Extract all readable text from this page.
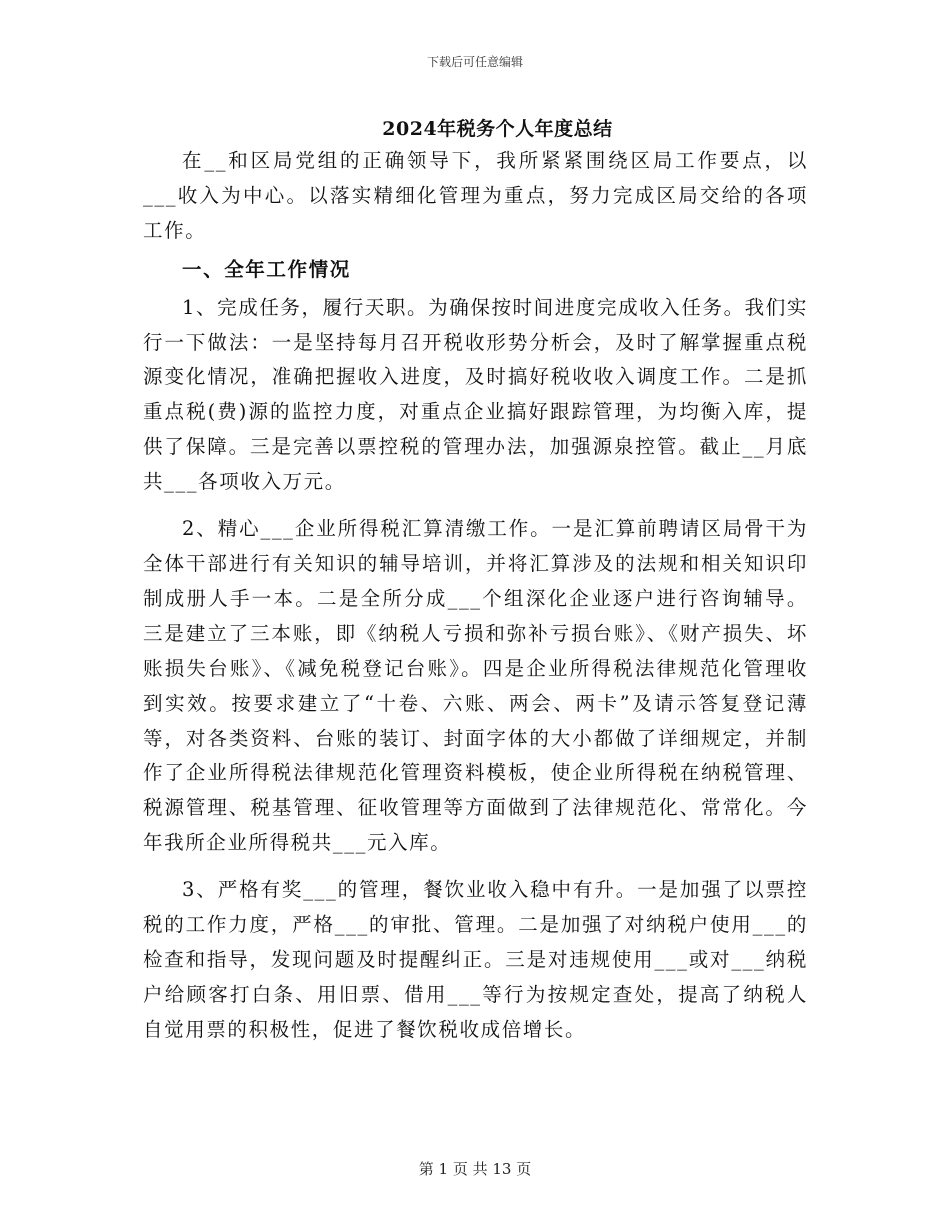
下载后可任意编辑
2024年税务个人年度总结

在__和区局党组的正确领导下，我所紧紧围绕区局工作要点，以___收入为中心。以落实精细化管理为重点，努力完成区局交给的各项工作。

一、全年工作情况

1、完成任务，履行天职。为确保按时间进度完成收入任务。我们实行一下做法：一是坚持每月召开税收形势分析会，及时了解掌握重点税源变化情况，准确把握收入进度，及时搞好税收收入调度工作。二是抓重点税(费)源的监控力度，对重点企业搞好跟踪管理，为均衡入库，提供了保障。三是完善以票控税的管理办法，加强源泉控管。截止__月底共___各项收入万元。

2、精心___企业所得税汇算清缴工作。一是汇算前聘请区局骨干为全体干部进行有关知识的辅导培训，并将汇算涉及的法规和相关知识印制成册人手一本。二是全所分成___个组深化企业逐户进行咨询辅导。三是建立了三本账，即《纳税人亏损和弥补亏损台账》、《财产损失、坏账损失台账》、《减免税登记台账》。四是企业所得税法律规范化管理收到实效。按要求建立了“十卷、六账、两会、两卡”及请示答复登记薄等，对各类资料、台账的装订、封面字体的大小都做了详细规定，并制作了企业所得税法律规范化管理资料模板，使企业所得税在纳税管理、税源管理、税基管理、征收管理等方面做到了法律规范化、常常化。今年我所企业所得税共___元入库。

3、严格有奖___的管理，餐饮业收入稳中有升。一是加强了以票控税的工作力度，严格___的审批、管理。二是加强了对纳税户使用___的检查和指导，发现问题及时提醒纠正。三是对违规使用___或对___纳税户给顾客打白条、用旧票、借用___等行为按规定查处，提高了纳税人自觉用票的积极性，促进了餐饮税收成倍增长。

第 1 页 共 13 页
